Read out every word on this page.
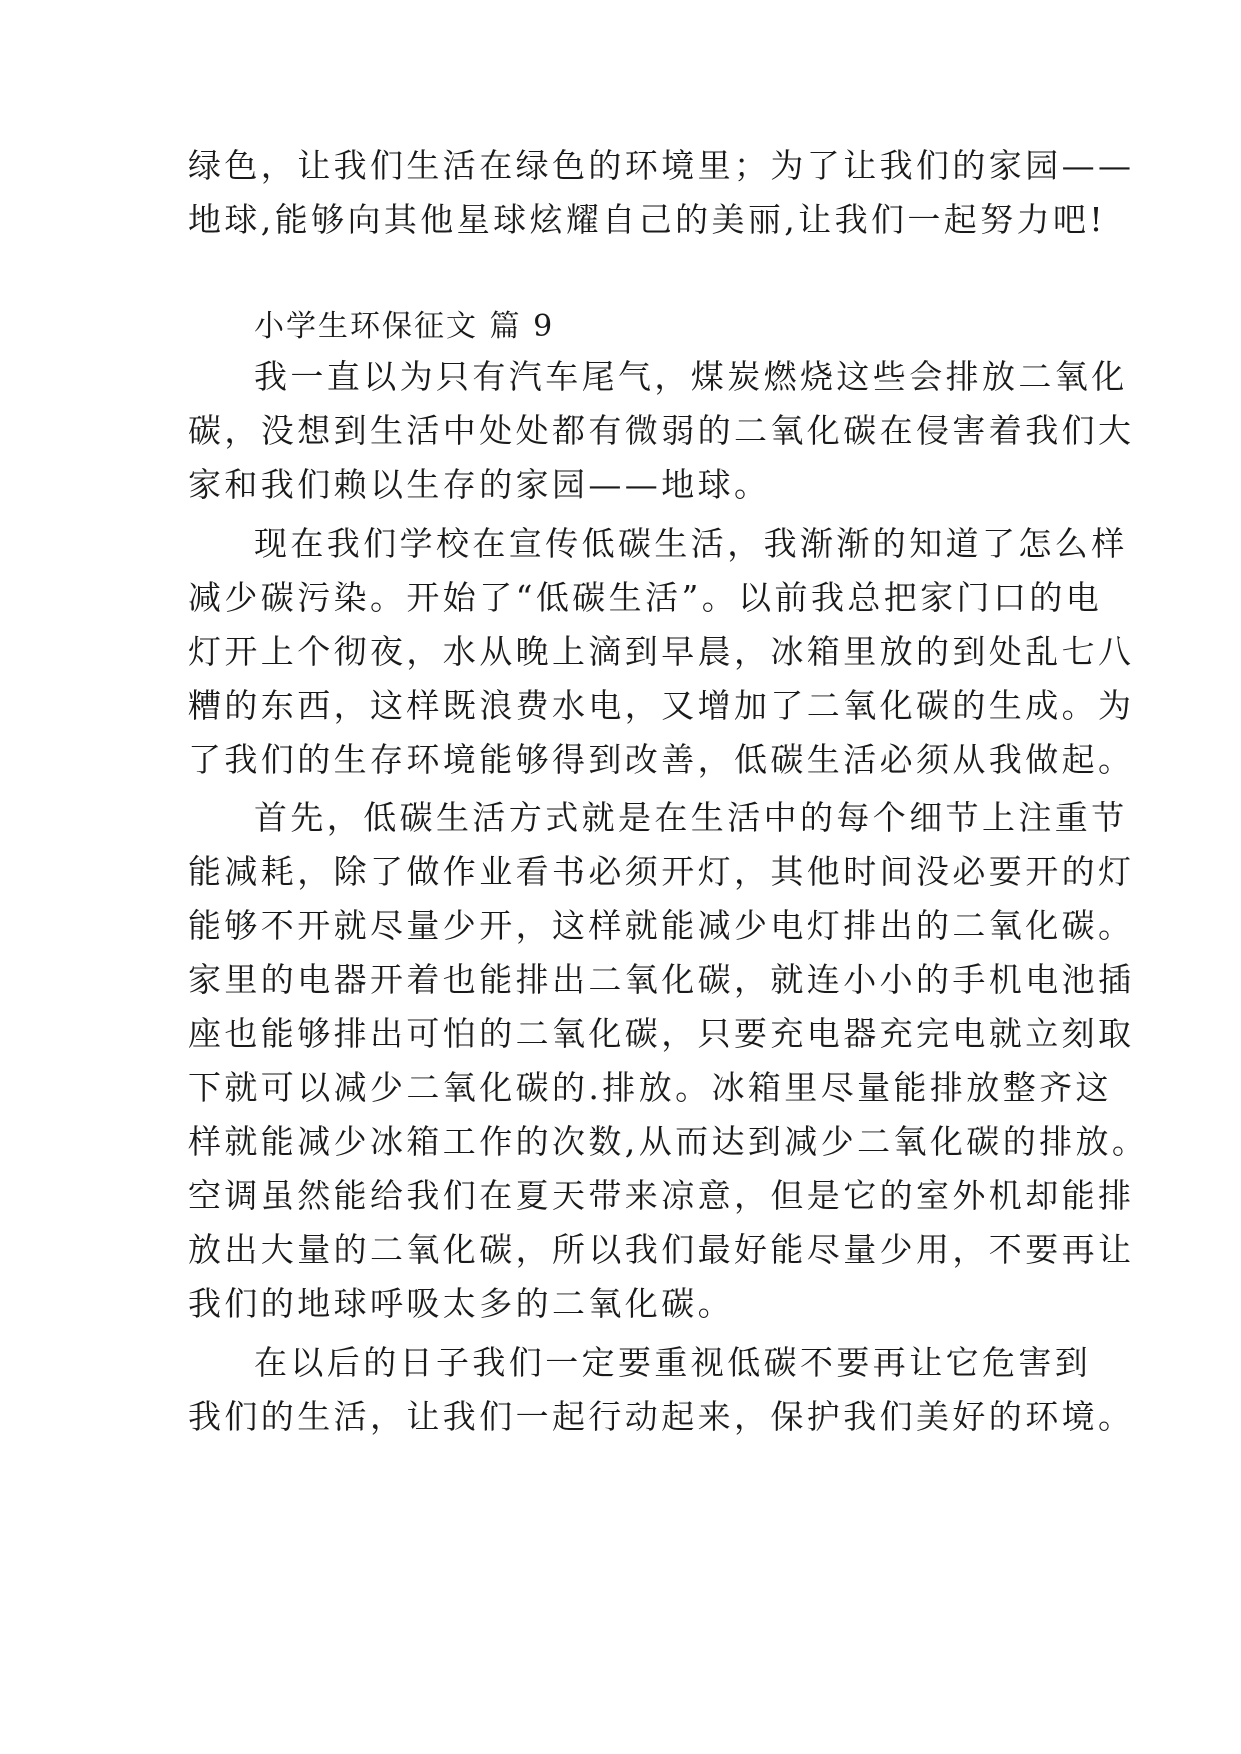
绿色，让我们生活在绿色的环境里；为了让我们的家园——
地球,能够向其他星球炫耀自己的美丽,让我们一起努力吧!
小学生环保征文 篇 9
我一直以为只有汽车尾气，煤炭燃烧这些会排放二氧化
碳，没想到生活中处处都有微弱的二氧化碳在侵害着我们大
家和我们赖以生存的家园——地球。
现在我们学校在宣传低碳生活，我渐渐的知道了怎么样
减少碳污染。开始了“低碳生活”。以前我总把家门口的电
灯开上个彻夜，水从晚上滴到早晨，冰箱里放的到处乱七八
糟的东西，这样既浪费水电，又增加了二氧化碳的生成。为
了我们的生存环境能够得到改善，低碳生活必须从我做起。
首先，低碳生活方式就是在生活中的每个细节上注重节
能减耗，除了做作业看书必须开灯，其他时间没必要开的灯
能够不开就尽量少开，这样就能减少电灯排出的二氧化碳。
家里的电器开着也能排出二氧化碳，就连小小的手机电池插
座也能够排出可怕的二氧化碳，只要充电器充完电就立刻取
下就可以减少二氧化碳的.排放。冰箱里尽量能排放整齐这
样就能减少冰箱工作的次数,从而达到减少二氧化碳的排放。
空调虽然能给我们在夏天带来凉意，但是它的室外机却能排
放出大量的二氧化碳，所以我们最好能尽量少用，不要再让
我们的地球呼吸太多的二氧化碳。
在以后的日子我们一定要重视低碳不要再让它危害到
我们的生活，让我们一起行动起来，保护我们美好的环境。
